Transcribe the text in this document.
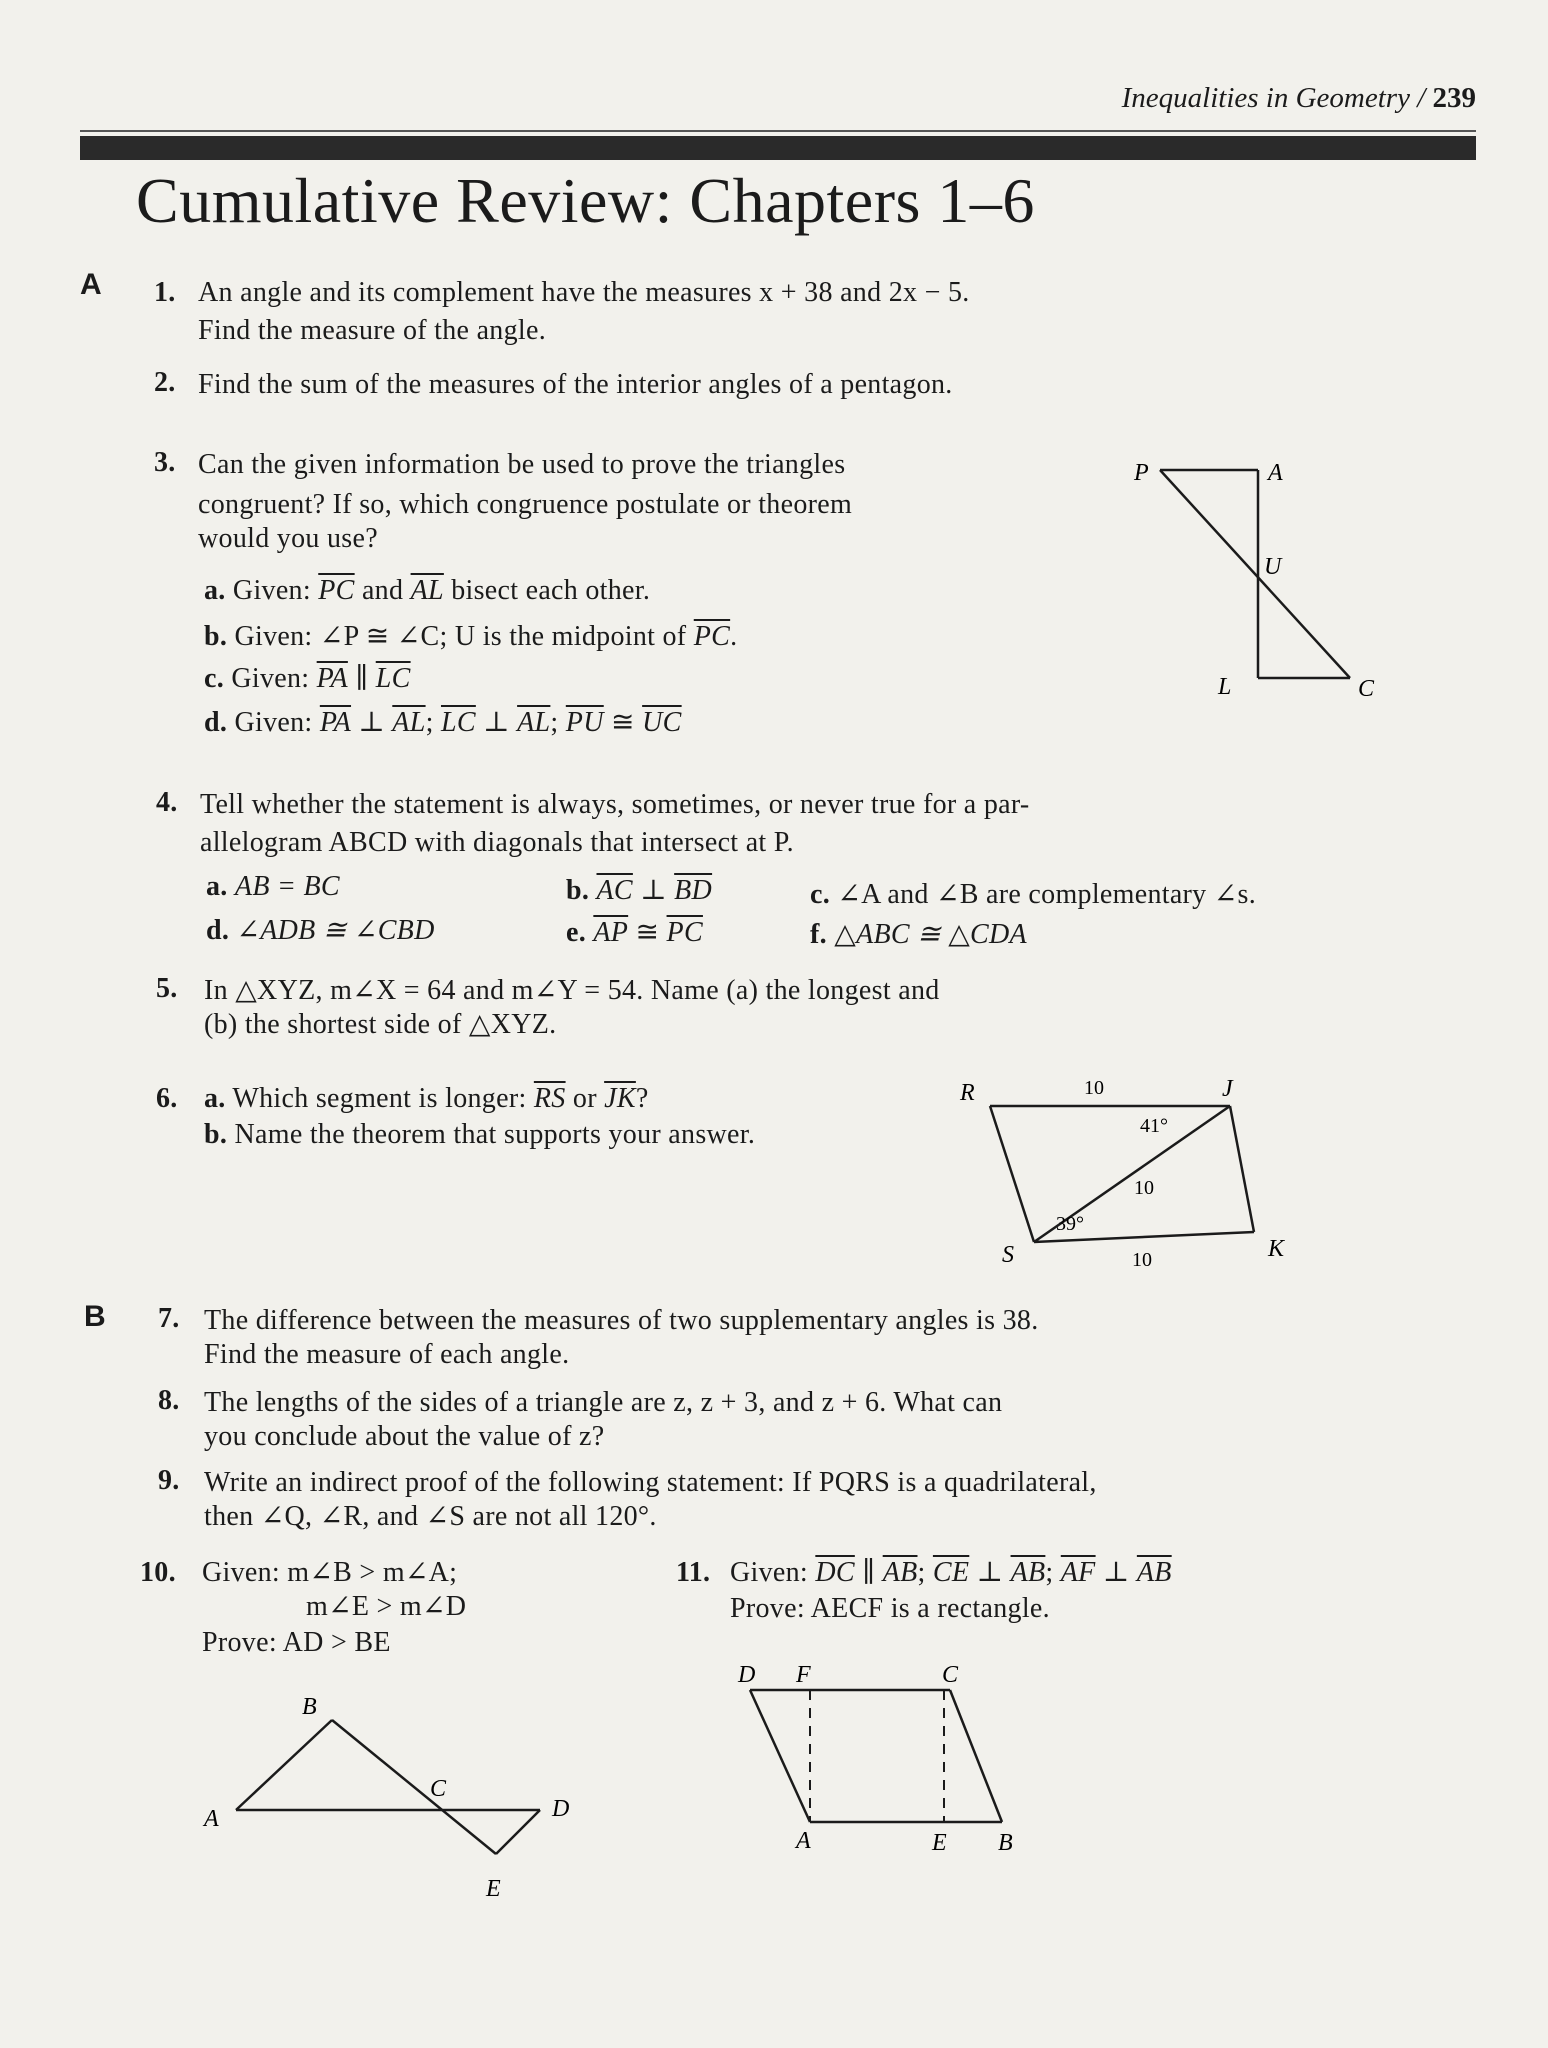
Inequalities in Geometry / 239
Cumulative Review: Chapters 1–6
A 1. An angle and its complement have the measures x + 38 and 2x − 5.
Find the measure of the angle.
2. Find the sum of the measures of the interior angles of a pentagon.
3. Can the given information be used to prove the triangles
congruent? If so, which congruence postulate or theorem
would you use?
a. Given: $\overline{PC}$ and $\overline{AL}$ bisect each other.
b. Given: ∠P ≅ ∠C; U is the midpoint of $\overline{PC}$.
c. Given: $\overline{PA}$ ∥ $\overline{LC}$
d. Given: $\overline{PA}$ ⊥ $\overline{AL}$; $\overline{LC}$ ⊥ $\overline{AL}$; $\overline{PU}$ ≅ $\overline{UC}$
P	A
U
L	C
4. Tell whether the statement is always, sometimes, or never true for a par-
allelogram ABCD with diagonals that intersect at P.
a. AB = BC	b. $\overline{AC}$ ⊥ $\overline{BD}$	c. ∠A and ∠B are complementary ∠s.
d. ∠ADB ≅ ∠CBD	e. $\overline{AP}$ ≅ $\overline{PC}$	f. △ABC ≅ △CDA
5. In △XYZ, m∠X = 64 and m∠Y = 54. Name (a) the longest and
(b) the shortest side of △XYZ.
6. a. Which segment is longer: $\overline{RS}$ or $\overline{JK}$?
b. Name the theorem that supports your answer.
R	J
S	K
10
10
10
41°
39°
B 7. The difference between the measures of two supplementary angles is 38.
Find the measure of each angle.
8. The lengths of the sides of a triangle are z, z + 3, and z + 6. What can
you conclude about the value of z?
9. Write an indirect proof of the following statement: If PQRS is a quadrilateral,
then ∠Q, ∠R, and ∠S are not all 120°.
10. Given: m∠B > m∠A;
m∠E > m∠D
Prove: AD > BE
A
B
C
D
E
11. Given: $\overline{DC}$ ∥ $\overline{AB}$; $\overline{CE}$ ⊥ $\overline{AB}$; $\overline{AF}$ ⊥ $\overline{AB}$
Prove: AECF is a rectangle.
D F	C
A	E B
